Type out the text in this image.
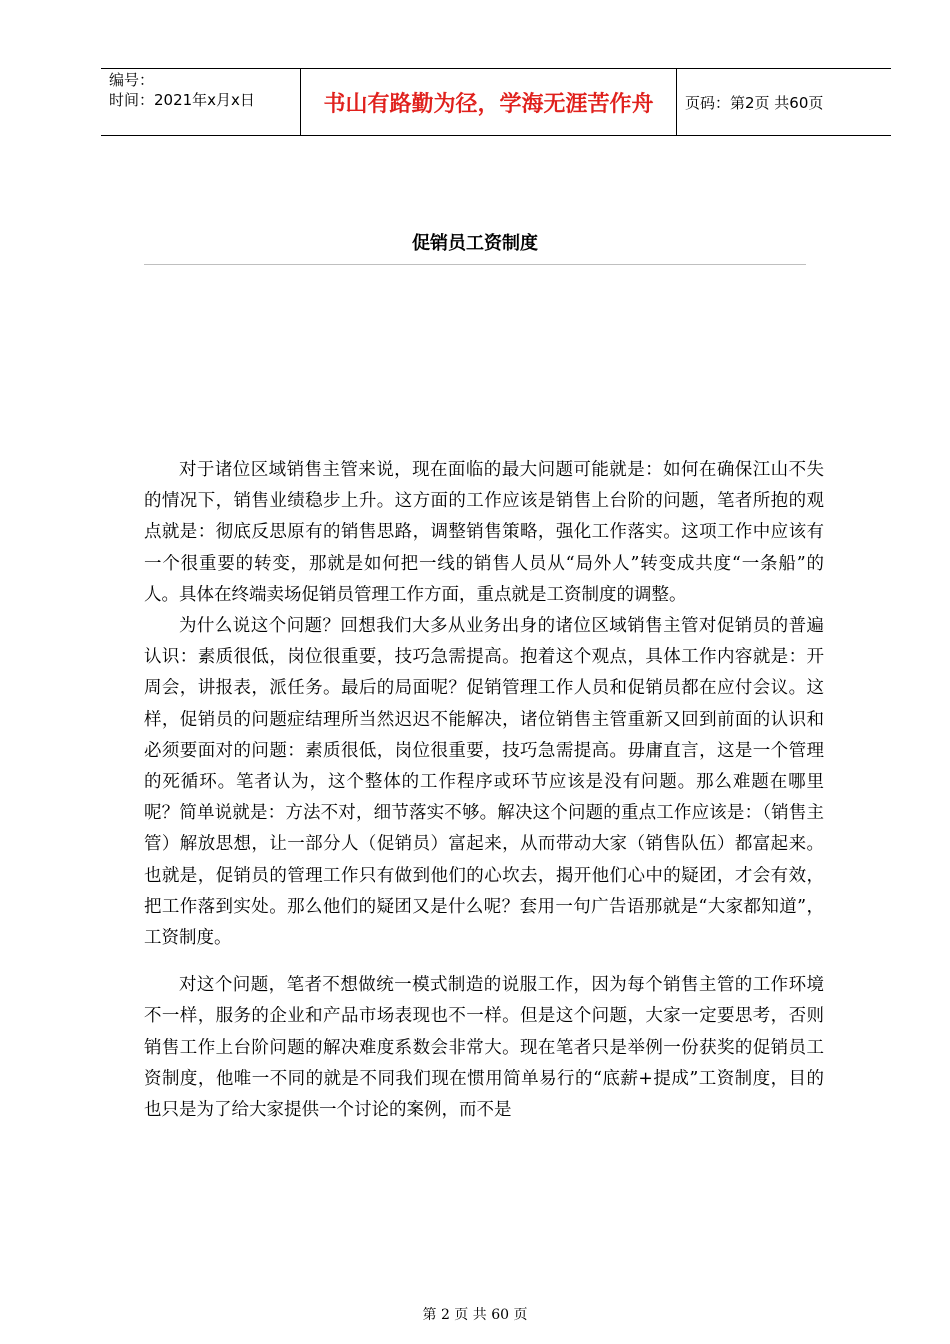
编号：
时间：2021年x月x日	书山有路勤为径，学海无涯苦作舟	页码：第2页 共60页
促销员工资制度

对于诸位区域销售主管来说，现在面临的最大问题可能就是：如何在确保江山不失的情况下，销售业绩稳步上升。这方面的工作应该是销售上台阶的问题，笔者所抱的观点就是：彻底反思原有的销售思路，调整销售策略，强化工作落实。这项工作中应该有一个很重要的转变，那就是如何把一线的销售人员从“局外人”转变成共度“一条船”的人。具体在终端卖场促销员管理工作方面，重点就是工资制度的调整。

为什么说这个问题？回想我们大多从业务出身的诸位区域销售主管对促销员的普遍认识：素质很低，岗位很重要，技巧急需提高。抱着这个观点，具体工作内容就是：开周会，讲报表，派任务。最后的局面呢？促销管理工作人员和促销员都在应付会议。这样，促销员的问题症结理所当然迟迟不能解决，诸位销售主管重新又回到前面的认识和必须要面对的问题：素质很低，岗位很重要，技巧急需提高。毋庸直言，这是一个管理的死循环。笔者认为，这个整体的工作程序或环节应该是没有问题。那么难题在哪里呢？简单说就是：方法不对，细节落实不够。解决这个问题的重点工作应该是：（销售主管）解放思想，让一部分人（促销员）富起来，从而带动大家（销售队伍）都富起来。也就是，促销员的管理工作只有做到他们的心坎去，揭开他们心中的疑团，才会有效，把工作落到实处。那么他们的疑团又是什么呢？套用一句广告语那就是“大家都知道”，工资制度。

对这个问题，笔者不想做统一模式制造的说服工作，因为每个销售主管的工作环境不一样，服务的企业和产品市场表现也不一样。但是这个问题，大家一定要思考，否则销售工作上台阶问题的解决难度系数会非常大。现在笔者只是举例一份获奖的促销员工资制度，他唯一不同的就是不同我们现在惯用简单易行的“底薪+提成”工资制度，目的也只是为了给大家提供一个讨论的案例，而不是

第 2 页 共 60 页
